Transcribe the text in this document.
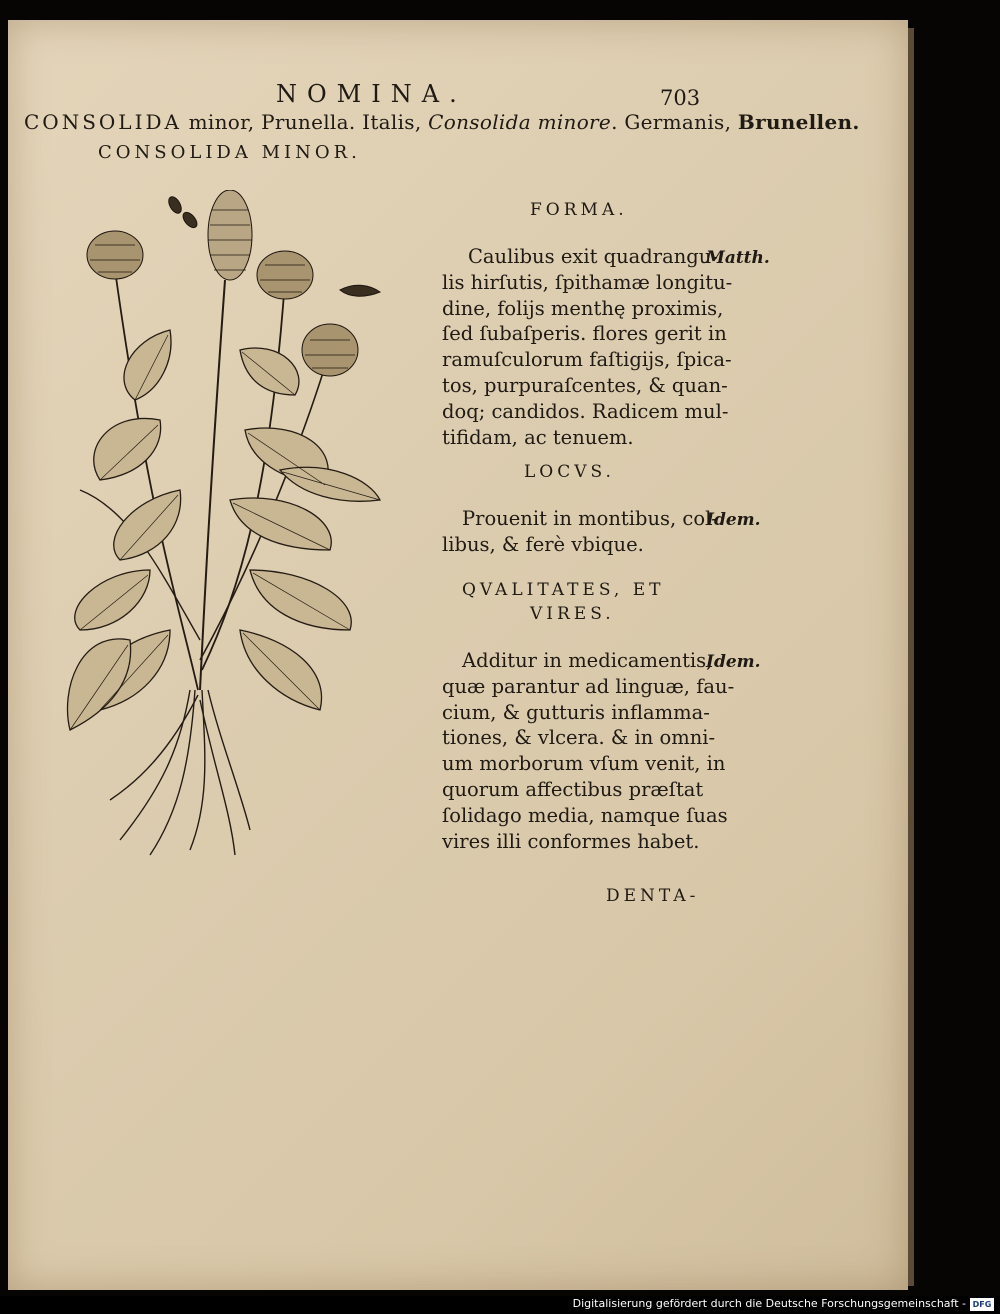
NOMINA.	703
CONSOLIDA minor, Prunella. Italis, Consolida minore. Germanis, Brunellen.
CONSOLIDA MINOR.
FORMA.
Matth.
Caulibus exit quadrangu-
lis hirſutis, ſpithamæ longitu-
dine, folijs menthę proximis,
ſed ſubaſperis. flores gerit in
ramuſculorum faſtigijs, ſpica-
tos, purpuraſcentes, & quan-
doq; candidos. Radicem mul-
tifidam, ac tenuem.
LOCVS.
Idem.
Prouenit in montibus, col-
libus, & ferè vbique.
QVALITATES, ET
VIRES.
Idem.
Additur in medicamentis,
quæ parantur ad linguæ, fau-
cium, & gutturis inflamma-
tiones, & vlcera. & in omni-
um morborum vſum venit, in
quorum affectibus præſtat
ſolidago media, namque ſuas
vires illi conformes habet.
DENTA-
Digitalisierung gefördert durch die Deutsche Forschungsgemeinschaft - DFG
